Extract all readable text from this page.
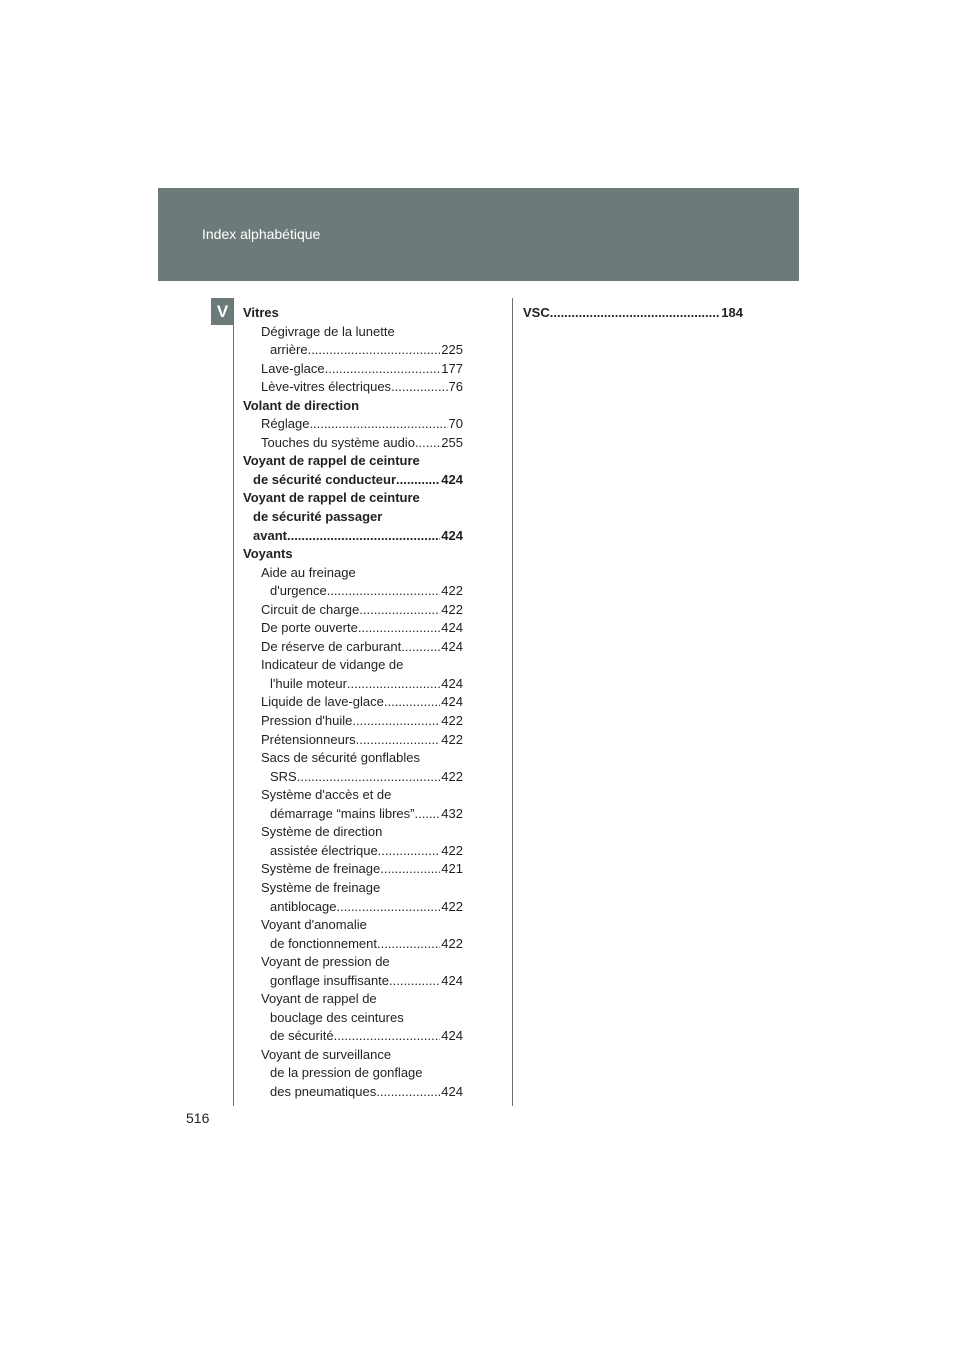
Index alphabétique
V	Vitres
Dégivrage de la lunette
arrière .....	225
Lave-glace .....	177
Lève-vitres électriques .....	76
Volant de direction
Réglage .....	70
Touches du système audio ..... 255
Voyant de rappel de ceinture
de sécurité conducteur .....	424
Voyant de rappel de ceinture
de sécurité passager
avant .....	424
Voyants
Aide au freinage
d'urgence .....	422
Circuit de charge .....	422
De porte ouverte .....	424
De réserve de carburant .....	424
Indicateur de vidange de
l'huile moteur .....	424
Liquide de lave-glace .....	424
Pression d'huile .....	422
Prétensionneurs .....	422
Sacs de sécurité gonflables
SRS .....	422
Système d'accès et de
démarrage “mains libres” ..... 432
Système de direction
assistée électrique .....	422
Système de freinage .....	421
Système de freinage
antiblocage .....	422
Voyant d'anomalie
de fonctionnement .....	422
Voyant de pression de
gonflage insuffisante .....	424
Voyant de rappel de
bouclage des ceintures
de sécurité .....	424
Voyant de surveillance
de la pression de gonflage
des pneumatiques .....	424
VSC .....	184
516
